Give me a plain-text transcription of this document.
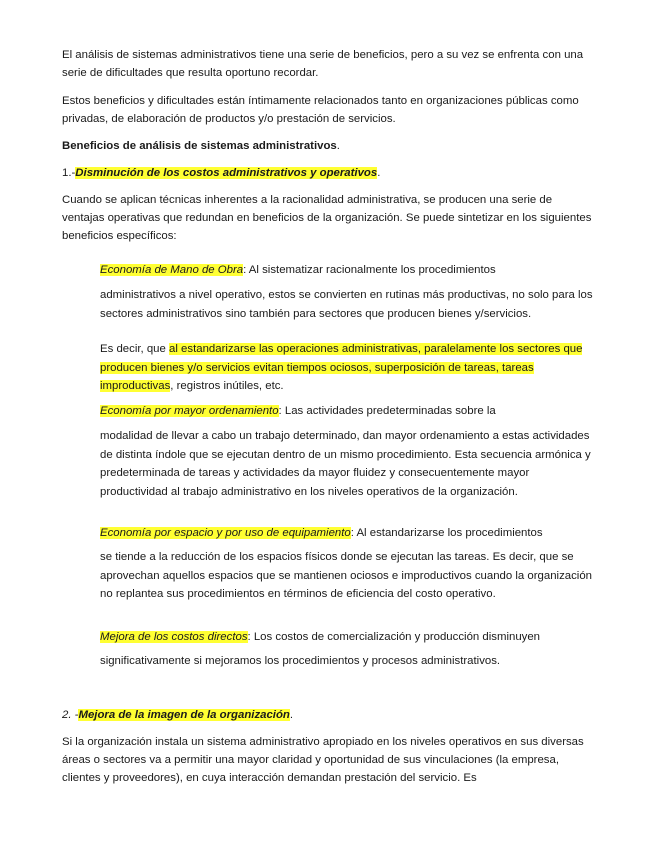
El análisis de sistemas administrativos tiene una serie de beneficios, pero a su vez se enfrenta con una serie de dificultades que resulta oportuno recordar.

Estos beneficios y dificultades están íntimamente relacionados tanto en organizaciones públicas como privadas, de elaboración de productos y/o prestación de servicios.

Beneficios de análisis de sistemas administrativos.

1.-Disminución de los costos administrativos y operativos.

Cuando se aplican técnicas inherentes a la racionalidad administrativa, se producen una serie de ventajas operativas que redundan en beneficios de la organización. Se puede sintetizar en los siguientes beneficios específicos:

Economía de Mano de Obra: Al sistematizar racionalmente los procedimientos

administrativos a nivel operativo, estos se convierten en rutinas más productivas, no solo para los sectores administrativos sino también para sectores que producen bienes y/servicios.

Es decir, que al estandarizarse las operaciones administrativas, paralelamente los sectores que producen bienes y/o servicios evitan tiempos ociosos, superposición de tareas, tareas improductivas, registros inútiles, etc.

Economía por mayor ordenamiento: Las actividades predeterminadas sobre la

modalidad de llevar a cabo un trabajo determinado, dan mayor ordenamiento a estas actividades de distinta índole que se ejecutan dentro de un mismo procedimiento. Esta secuencia armónica y predeterminada de tareas y actividades da mayor fluidez y consecuentemente mayor productividad al trabajo administrativo en los niveles operativos de la organización.

Economía por espacio y por uso de equipamiento: Al estandarizarse los procedimientos

se tiende a la reducción de los espacios físicos donde se ejecutan las tareas. Es decir, que se aprovechan aquellos espacios que se mantienen ociosos e improductivos cuando la organización no replantea sus procedimientos en términos de eficiencia del costo operativo.

Mejora de los costos directos: Los costos de comercialización y producción disminuyen

significativamente si mejoramos los procedimientos y procesos administrativos.

2. -Mejora de la imagen de la organización.

Si la organización instala un sistema administrativo apropiado en los niveles operativos en sus diversas áreas o sectores va a permitir una mayor claridad y oportunidad de sus vinculaciones (la empresa, clientes y proveedores), en cuya interacción demandan prestación del servicio. Es
